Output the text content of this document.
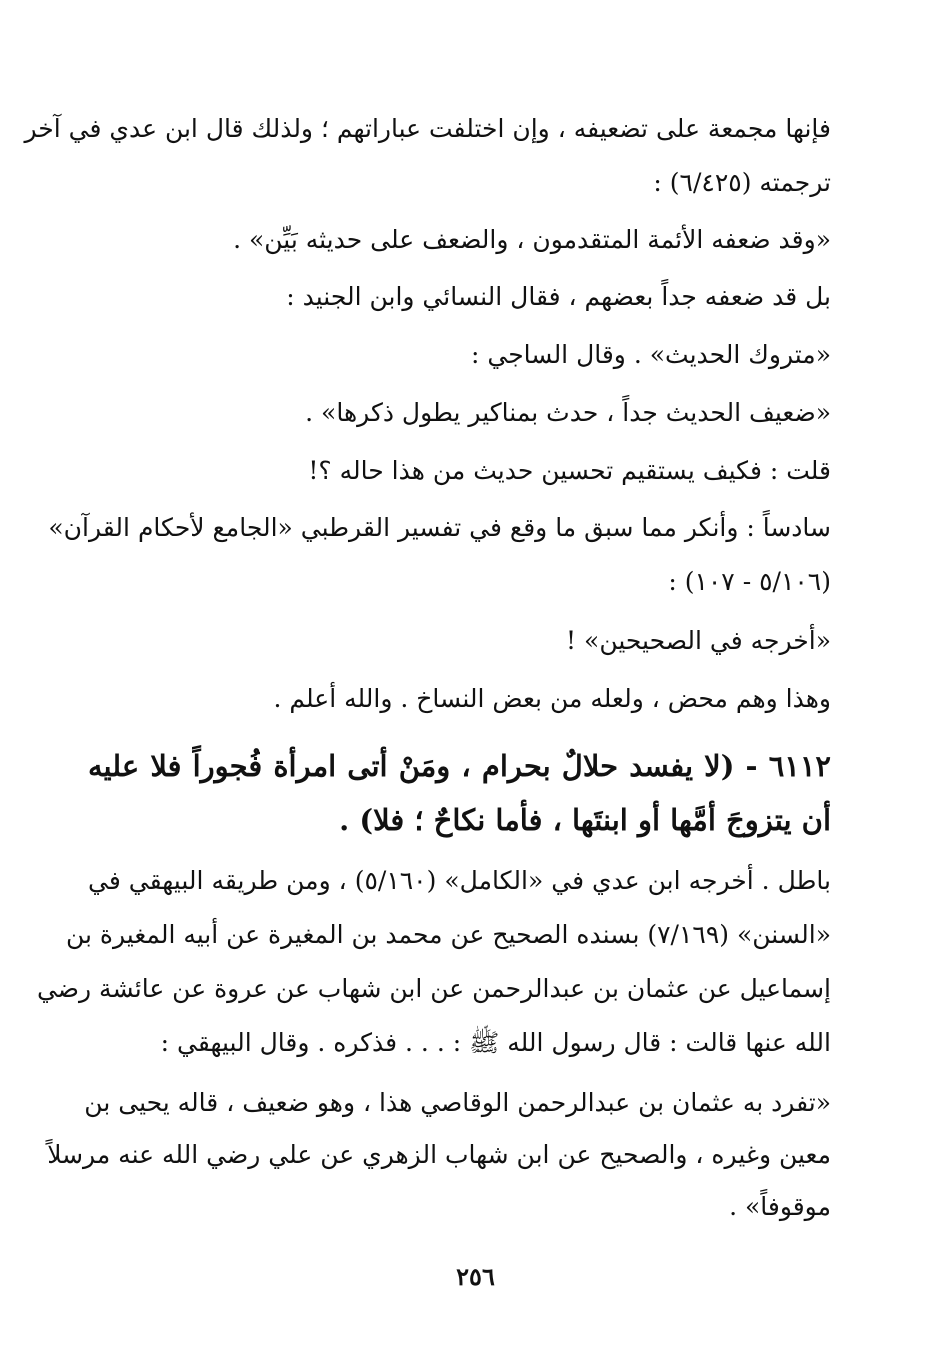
فإنها مجمعة على تضعيفه ، وإن اختلفت عباراتهم ؛ ولذلك قال ابن عدي في آخر
ترجمته (٦/٤٢٥) :
«وقد ضعفه الأئمة المتقدمون ، والضعف على حديثه بَيِّن» .
بل قد ضعفه جداً بعضهم ، فقال النسائي وابن الجنيد :
«متروك الحديث» . وقال الساجي :
«ضعيف الحديث جداً ، حدث بمناكير يطول ذكرها» .
قلت : فكيف يستقيم تحسين حديث من هذا حاله ؟!
سادساً : وأنكر مما سبق ما وقع في تفسير القرطبي «الجامع لأحكام القرآن»
(٥/١٠٦ - ١٠٧) :
«أخرجه في الصحيحين» !
وهذا وهم محض ، ولعله من بعض النساخ . والله أعلم .
٦١١٢ - (لا يفسد حلالٌ بحرام ، ومَنْ أتى امرأة فُجوراً فلا عليه
أن يتزوجَ أمَّها أو ابنتَها ، فأما نكاحٌ ؛ فلا) .
باطل . أخرجه ابن عدي في «الكامل» (٥/١٦٠) ، ومن طريقه البيهقي في
«السنن» (٧/١٦٩) بسنده الصحيح عن محمد بن المغيرة عن أبيه المغيرة بن
إسماعيل عن عثمان بن عبدالرحمن عن ابن شهاب عن عروة عن عائشة رضي
الله عنها قالت : قال رسول الله ﷺ : . . . فذكره . وقال البيهقي :
«تفرد به عثمان بن عبدالرحمن الوقاصي هذا ، وهو ضعيف ، قاله يحيى بن
معين وغيره ، والصحيح عن ابن شهاب الزهري عن علي رضي الله عنه مرسلاً
موقوفاً» .
٢٥٦
